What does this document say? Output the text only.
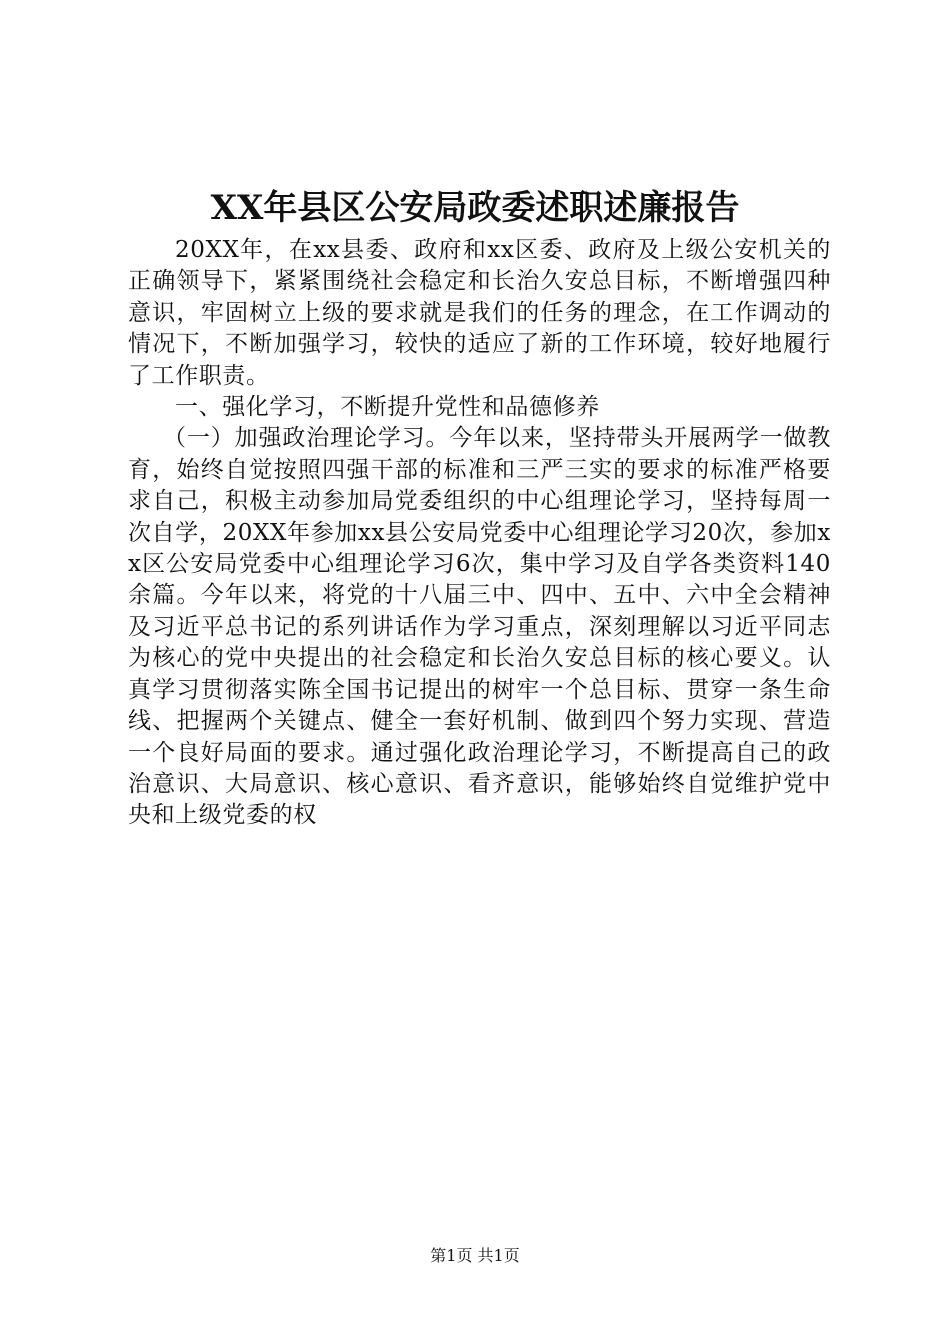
XX年县区公安局政委述职述廉报告

20XX年，在xx县委、政府和xx区委、政府及上级公安机关的正确领导下，紧紧围绕社会稳定和长治久安总目标，不断增强四种意识，牢固树立上级的要求就是我们的任务的理念，在工作调动的情况下，不断加强学习，较快的适应了新的工作环境，较好地履行了工作职责。

一、强化学习，不断提升党性和品德修养

（一）加强政治理论学习。今年以来，坚持带头开展两学一做教育，始终自觉按照四强干部的标准和三严三实的要求的标准严格要求自己，积极主动参加局党委组织的中心组理论学习，坚持每周一次自学，20XX年参加xx县公安局党委中心组理论学习20次，参加xx区公安局党委中心组理论学习6次，集中学习及自学各类资料140余篇。今年以来，将党的十八届三中、四中、五中、六中全会精神及习近平总书记的系列讲话作为学习重点，深刻理解以习近平同志为核心的党中央提出的社会稳定和长治久安总目标的核心要义。认真学习贯彻落实陈全国书记提出的树牢一个总目标、贯穿一条生命线、把握两个关键点、健全一套好机制、做到四个努力实现、营造一个良好局面的要求。通过强化政治理论学习，不断提高自己的政治意识、大局意识、核心意识、看齐意识，能够始终自觉维护党中央和上级党委的权

第1页 共1页
